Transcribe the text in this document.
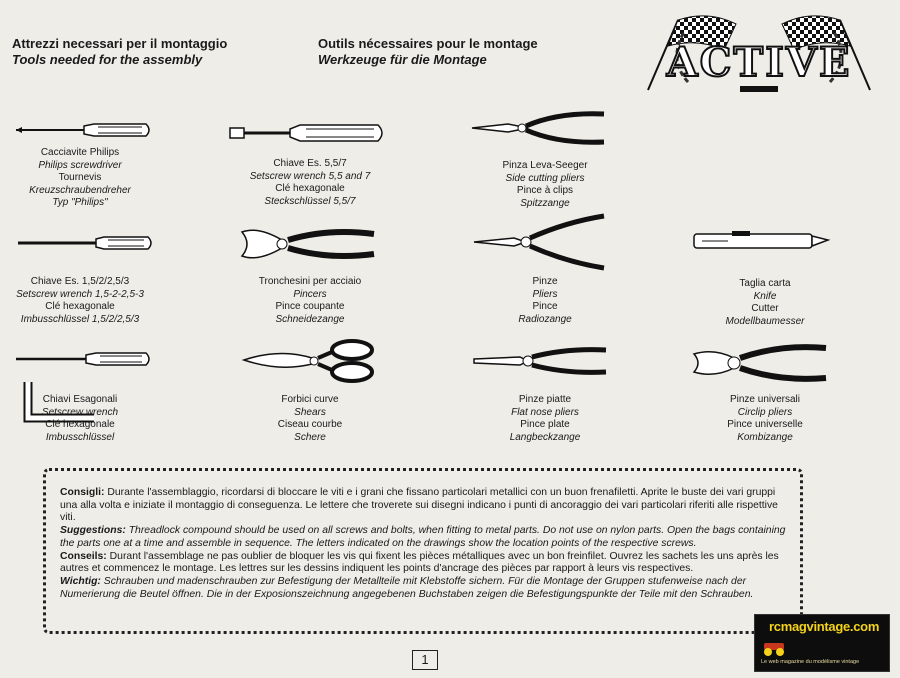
Attrezzi necessari per il montaggio
Tools needed for the assembly
Outils nécessaires pour le montage
Werkzeuge für die Montage	ACTIVE
Cacciavite Philips
Philips screwdriver
Tournevis
Kreuzschraubendreher
Typ "Philips"
Chiave Es. 5,5/7
Setscrew wrench 5,5 and 7
Clé hexagonale
Steckschlüssel 5,5/7
Pinza Leva-Seeger
Side cutting pliers
Pince à clips
Spitzzange
Chiave Es. 1,5/2/2,5/3
Setscrew wrench 1,5-2-2,5-3
Clé hexagonale
Imbusschlüssel 1,5/2/2,5/3
Tronchesini per acciaio
Pincers
Pince coupante
Schneidezange
Pinze
Pliers
Pince
Radiozange
Taglia carta
Knife
Cutter
Modellbaumesser
Chiavi Esagonali
Setscrew wrench
Clé hexagonale
Imbusschlüssel
Forbici curve
Shears
Ciseau courbe
Schere
Pinze piatte
Flat nose pliers
Pince plate
Langbeckzange
Pinze universali
Circlip pliers
Pince universelle
Kombizange

Consigli: Durante l'assemblaggio, ricordarsi di bloccare le viti e i grani che fissano particolari metallici con un buon frenafiletti. Aprite le buste dei vari gruppi una alla volta e iniziate il montaggio di conseguenza. Le lettere che troverete sui disegni indicano i punti di ancoraggio dei vari particolari riferiti alle rispettive viti.

Suggestions: Threadlock compound should be used on all screws and bolts, when fitting to metal parts. Do not use on nylon parts. Open the bags containing the parts one at a time and assemble in sequence. The letters indicated on the drawings show the location points of the respective screws.

Conseils: Durant l'assemblage ne pas oublier de bloquer les vis qui fixent les pièces métalliques avec un bon freinfilet. Ouvrez les sachets les uns après les autres et commencez le montage. Les lettres sur les dessins indiquent les points d'ancrage des pièces par rapport à leurs vis respectives.

Wichtig: Schrauben und madenschrauben zur Befestigung der Metallteile mit Klebstoffe sichern. Für die Montage der Gruppen stufenweise nach der Numerierung die Beutel öffnen. Die in der Exposionszeichnung angegebenen Buchstaben zeigen die Befestigungspunkte der Teile mit den Schrauben.

1
rcmagvintage.com
Le web magazine du modélisme vintage
